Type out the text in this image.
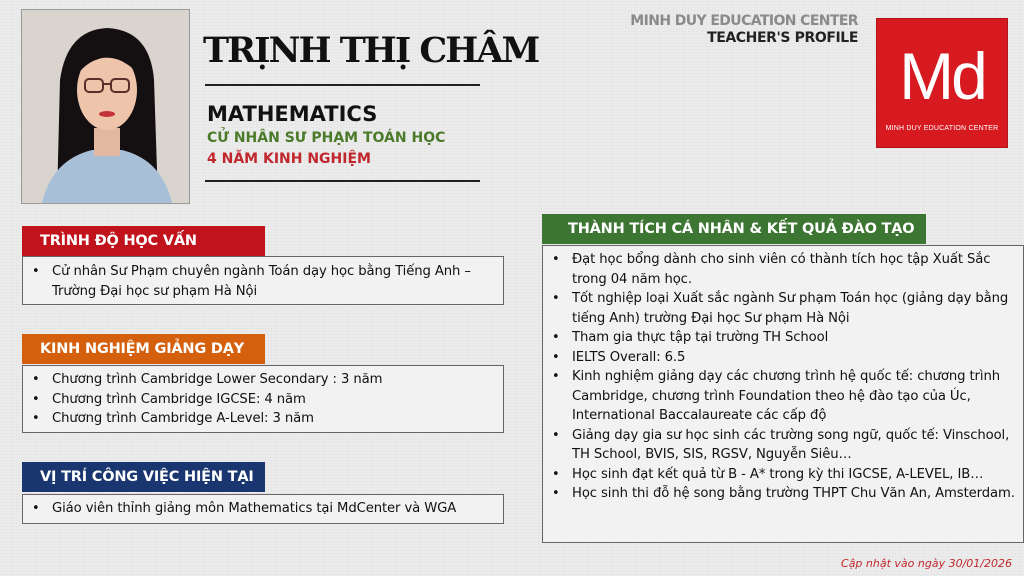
TRỊNH THỊ CHÂM
MATHEMATICS
CỬ NHÂN SƯ PHẠM TOÁN HỌC
4 NĂM KINH NGHIỆM
MINH DUY EDUCATION CENTER
TEACHER'S PROFILE
Md
MINH DUY EDUCATION CENTER
TRÌNH ĐỘ HỌC VẤN
• Cử nhân Sư Phạm chuyên ngành Toán dạy học bằng Tiếng Anh – Trường Đại học sư phạm Hà Nội
KINH NGHIỆM GIẢNG DẠY
• Chương trình Cambridge Lower Secondary : 3 năm
• Chương trình Cambridge IGCSE: 4 năm
• Chương trình Cambridge A-Level: 3 năm
VỊ TRÍ CÔNG VIỆC HIỆN TẠI
• Giáo viên thỉnh giảng môn Mathematics tại MdCenter và WGA
THÀNH TÍCH CÁ NHÂN & KẾT QUẢ ĐÀO TẠO
• Đạt học bổng dành cho sinh viên có thành tích học tập Xuất Sắc trong 04 năm học.
• Tốt nghiệp loại Xuất sắc ngành Sư phạm Toán học (giảng dạy bằng tiếng Anh) trường Đại học Sư phạm Hà Nội
• Tham gia thực tập tại trường TH School
• IELTS Overall: 6.5
• Kinh nghiệm giảng dạy các chương trình hệ quốc tế: chương trình Cambridge, chương trình Foundation theo hệ đào tạo của Úc, International Baccalaureate các cấp độ
• Giảng dạy gia sư học sinh các trường song ngữ, quốc tế: Vinschool, TH School, BVIS, SIS, RGSV, Nguyễn Siêu…
• Học sinh đạt kết quả từ B - A* trong kỳ thi IGCSE, A-LEVEL, IB…
• Học sinh thi đỗ hệ song bằng trường THPT Chu Văn An, Amsterdam.
Cập nhật vào ngày 30/01/2026
